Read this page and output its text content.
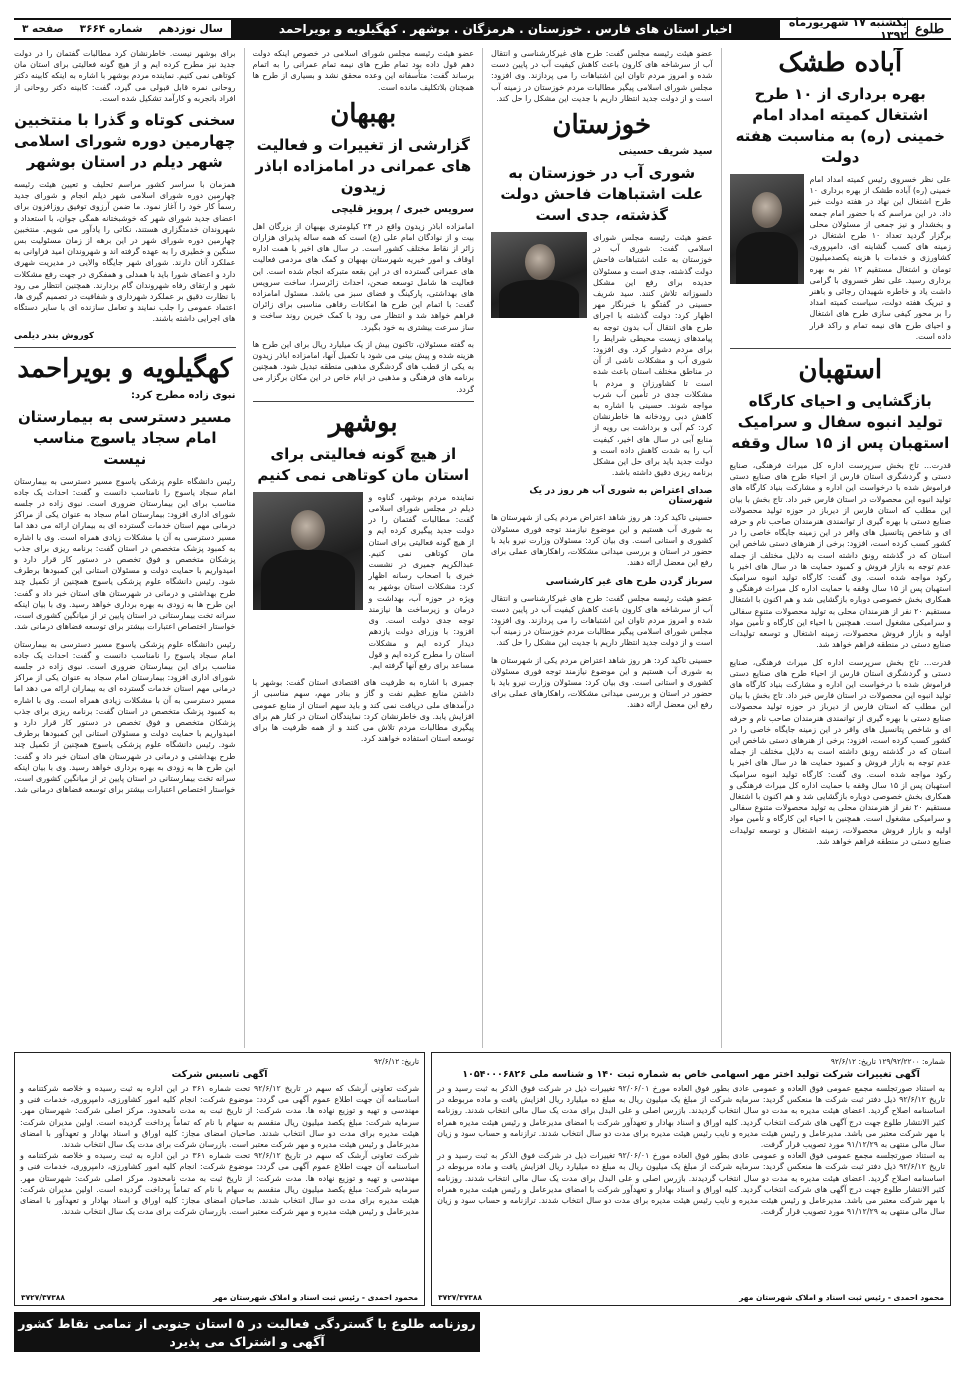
طلوع
یکشنبه ۱۷ شهریورماه ۱۳۹۲
اخبار استان های فارس . خوزستان . هرمزگان . بوشهر . کهگیلویه و بویراحمد
سال نوزدهم
شماره ۳۶۶۴
صفحه ۳
آباده طشک
بهره برداری از ۱۰ طرح اشتغال کمیته امداد امام خمینی (ره) به مناسبت هفته دولت
علی نظر خسروی رئیس کمیته امداد امام خمینی (ره) آباده طشک از بهره برداری ۱۰ طرح اشتغال این نهاد در هفته دولت خبر داد. در این مراسم که با حضور امام جمعه و بخشدار و نیز جمعی از مسئولان محلی برگزار گردید تعداد ۱۰ طرح اشتغال در زمینه های کسب گشاینه ای، دامپروری، کشاورزی و خدمات با هزینه یکصدمیلیون تومان و اشتغال مستقیم ۱۲ نفر به بهره برداری رسید. علی نظر خسروی با گرامی داشت یاد و خاطره شهیدان رجائی و باهنر و تبریک هفته دولت، سیاست کمیته امداد را بر محور کیفی سازی طرح های اشتغال و احیای طرح های نیمه تمام و راکد قرار داده است.
استهبان
بازگشایی و احیای کارگاه تولید انبوه سفال و سرامیک استهبان پس از ۱۵ سال وقفه
قدرت... تاج بخش سرپرست اداره کل میراث فرهنگی، صنایع دستی و گردشگری استان فارس از احیاء طرح های صنایع دستی فراموش شده با درخواست این اداره و مشارکت بنیاد کارگاه های تولید انبوه این محصولات در استان فارس خبر داد. تاج بخش با بیان این مطلب که استان فارس از دیرباز در حوزه تولید محصولات صنایع دستی با بهره گیری از توانمندی هنرمندان صاحب نام و حرفه ای و شاخص پتانسیل های وافر در این زمینه جایگاه خاصی را در کشور کسب کرده است، افزود: برخی از هنرهای دستی شاخص این استان که در گذشته رونق داشته است به دلایل مختلف از جمله عدم توجه به بازار فروش و کمبود حمایت ها در سال های اخیر با رکود مواجه شده است. وی گفت: کارگاه تولید انبوه سرامیک استهبان پس از ۱۵ سال وقفه با حمایت اداره کل میراث فرهنگی و همکاری بخش خصوصی دوباره بازگشایی شد و هم اکنون با اشتغال مستقیم ۲۰ نفر از هنرمندان محلی به تولید محصولات متنوع سفالی و سرامیکی مشغول است. همچنین با احیاء این کارگاه و تأمین مواد اولیه و بازار فروش محصولات، زمینه اشتغال و توسعه تولیدات صنایع دستی در منطقه فراهم خواهد شد.
قدرت... تاج بخش سرپرست اداره کل میراث فرهنگی، صنایع دستی و گردشگری استان فارس از احیاء طرح های صنایع دستی فراموش شده با درخواست این اداره و مشارکت بنیاد کارگاه های تولید انبوه این محصولات در استان فارس خبر داد. تاج بخش با بیان این مطلب که استان فارس از دیرباز در حوزه تولید محصولات صنایع دستی با بهره گیری از توانمندی هنرمندان صاحب نام و حرفه ای و شاخص پتانسیل های وافر در این زمینه جایگاه خاصی را در کشور کسب کرده است، افزود: برخی از هنرهای دستی شاخص این استان که در گذشته رونق داشته است به دلایل مختلف از جمله عدم توجه به بازار فروش و کمبود حمایت ها در سال های اخیر با رکود مواجه شده است. وی گفت: کارگاه تولید انبوه سرامیک استهبان پس از ۱۵ سال وقفه با حمایت اداره کل میراث فرهنگی و همکاری بخش خصوصی دوباره بازگشایی شد و هم اکنون با اشتغال مستقیم ۲۰ نفر از هنرمندان محلی به تولید محصولات متنوع سفالی و سرامیکی مشغول است. همچنین با احیاء این کارگاه و تأمین مواد اولیه و بازار فروش محصولات، زمینه اشتغال و توسعه تولیدات صنایع دستی در منطقه فراهم خواهد شد.
عضو هیئت رئیسه مجلس گفت: طرح های غیرکارشناسی و انتقال آب از سرشاخه های کارون باعث کاهش کیفیت آب در پایین دست شده و امروز مردم تاوان این اشتباهات را می پردازند. وی افزود: مجلس شورای اسلامی پیگیر مطالبات مردم خوزستان در زمینه آب است و از دولت جدید انتظار داریم با جدیت این مشکل را حل کند.
خوزستان
سید شریف حسینی
شوری آب در خوزستان به علت اشتباهات فاحش دولت گذشته، جدی است
عضو هیئت رئیسه مجلس شورای اسلامی گفت: شوری آب در خوزستان به علت اشتباهات فاحش دولت گذشته، جدی است و مسئولان حدیده برای رفع این مشکل دلسوزانه تلاش کنند. سید شریف حسینی در گفتگو با خبرنگار مهر اظهار کرد: دولت گذشته با اجرای طرح های انتقال آب بدون توجه به پیامدهای زیست محیطی شرایط را برای مردم دشوار کرد. وی افزود: شوری آب و مشکلات ناشی از آن در مناطق مختلف استان باعث شده است تا کشاورزان و مردم با مشکلات جدی در تأمین آب شرب مواجه شوند. حسینی با اشاره به کاهش دبی رودخانه ها خاطرنشان کرد: کم آبی و برداشت بی رویه از منابع آبی در سال های اخیر، کیفیت آب را به شدت کاهش داده است و دولت جدید باید برای حل این مشکل برنامه ریزی دقیق داشته باشد.
صدای اعتراض به شوری آب هر روز در یک شهرستان
حسینی تاکید کرد: هر روز شاهد اعتراض مردم یکی از شهرستان ها به شوری آب هستیم و این موضوع نیازمند توجه فوری مسئولان کشوری و استانی است. وی بیان کرد: مسئولان وزارت نیرو باید با حضور در استان و بررسی میدانی مشکلات، راهکارهای عملی برای رفع این معضل ارائه دهند.
سرباز گردن طرح های غیر کارشناسی
عضو هیئت رئیسه مجلس گفت: طرح های غیرکارشناسی و انتقال آب از سرشاخه های کارون باعث کاهش کیفیت آب در پایین دست شده و امروز مردم تاوان این اشتباهات را می پردازند. وی افزود: مجلس شورای اسلامی پیگیر مطالبات مردم خوزستان در زمینه آب است و از دولت جدید انتظار داریم با جدیت این مشکل را حل کند.
حسینی تاکید کرد: هر روز شاهد اعتراض مردم یکی از شهرستان ها به شوری آب هستیم و این موضوع نیازمند توجه فوری مسئولان کشوری و استانی است. وی بیان کرد: مسئولان وزارت نیرو باید با حضور در استان و بررسی میدانی مشکلات، راهکارهای عملی برای رفع این معضل ارائه دهند.
عضو هیئت رئیسه مجلس شورای اسلامی در خصوص اینکه دولت دهم قول داده بود تمام طرح های نیمه تمام عمرانی را به اتمام برساند گفت: متأسفانه این وعده محقق نشد و بسیاری از طرح ها همچنان بلاتکلیف مانده است.
بهبهان
گزارشی از تغییرات و فعالیت های عمرانی در امامزاده اباذر زیدون
سرویس خبری / پرویز قلیچی
امامزاده اباذر زیدون واقع در ۲۴ کیلومتری بهبهان از بزرگان اهل بیت و از نوادگان امام علی (ع) است که همه ساله پذیرای هزاران زائر از نقاط مختلف کشور است. در سال های اخیر با همت اداره اوقاف و امور خیریه شهرستان بهبهان و کمک های مردمی فعالیت های عمرانی گسترده ای در این بقعه متبرکه انجام شده است. این فعالیت ها شامل توسعه صحن، احداث زائرسرا، ساخت سرویس های بهداشتی، پارکینگ و فضای سبز می باشد. مسئول امامزاده گفت: با اتمام این طرح ها امکانات رفاهی مناسبی برای زائران فراهم خواهد شد و انتظار می رود با کمک خیرین روند ساخت و ساز سرعت بیشتری به خود بگیرد.
به گفته مسئولان، تاکنون بیش از یک میلیارد ریال برای این طرح ها هزینه شده و پیش بینی می شود با تکمیل آنها، امامزاده اباذر زیدون به یکی از قطب های گردشگری مذهبی منطقه تبدیل شود. همچنین برنامه های فرهنگی و مذهبی در ایام خاص در این مکان برگزار می گردد.
بوشهر
از هیچ گونه فعالیتی برای استان مان کوتاهی نمی کنیم
نماینده مردم بوشهر، گناوه و دیلم در مجلس شورای اسلامی گفت: مطالبات گفتمان را در دولت جدید پیگیری کرده ایم و از هیچ گونه فعالیتی برای استان مان کوتاهی نمی کنیم. عبدالکریم جمیری در نشست خبری با اصحاب رسانه اظهار کرد: مشکلات استان بوشهر به ویژه در حوزه آب، بهداشت و درمان و زیرساخت ها نیازمند توجه جدی دولت است. وی افزود: با وزرای دولت یازدهم دیدار کرده ایم و مشکلات استان را مطرح کرده ایم و قول مساعد برای رفع آنها گرفته ایم.
جمیری با اشاره به ظرفیت های اقتصادی استان گفت: بوشهر با داشتن منابع عظیم نفت و گاز و بنادر مهم، سهم مناسبی از درآمدهای ملی دریافت نمی کند و باید سهم استان از منابع عمومی افزایش یابد. وی خاطرنشان کرد: نمایندگان استان در کنار هم برای پیگیری مطالبات مردم تلاش می کنند و از همه ظرفیت ها برای توسعه استان استفاده خواهند کرد.
برای بوشهر نیست. خاطرنشان کرد مطالبات گفتمان را در دولت جدید نیز مطرح کرده ایم و از هیچ گونه فعالیتی برای استان مان کوتاهی نمی کنیم. نماینده مردم بوشهر با اشاره به اینکه کابینه دکتر روحانی نمره قابل قبولی می گیرد، گفت: کابینه دکتر روحانی از افراد باتجربه و کارآمد تشکیل شده است.
سخنی کوتاه و گذرا با منتخبین چهارمین دوره شورای اسلامی شهر دیلم در استان بوشهر
همزمان با سراسر کشور مراسم تحلیف و تعیین هیئت رئیسه چهارمین دوره شورای اسلامی شهر دیلم انجام و شورای جدید رسماً کار خود را آغاز نمود. ما ضمن آرزوی توفیق روزافزون برای اعضای جدید شورای شهر که خوشبختانه همگی جوان، با استعداد و شهروندان خدمتگزاری هستند، نکاتی را یادآور می شویم. منتخبین چهارمین دوره شورای شهر در این برهه از زمان مسئولیت بس سنگین و خطیری را به عهده گرفته اند و شهروندان امید فراوانی به عملکرد آنان دارند. شورای شهر جایگاه والایی در مدیریت شهری دارد و اعضای شورا باید با همدلی و همفکری در جهت رفع مشکلات شهر و ارتقای رفاه شهروندان گام بردارند. همچنین انتظار می رود با نظارت دقیق بر عملکرد شهرداری و شفافیت در تصمیم گیری ها، اعتماد عمومی را جلب نمایند و تعامل سازنده ای با سایر دستگاه های اجرایی داشته باشند.
کوروش بندر دیلمی
کهگیلویه و بویراحمد
نبوی زاده مطرح کرد:
مسیر دسترسی به بیمارستان امام سجاد یاسوج مناسب نیست
رئیس دانشگاه علوم پزشکی یاسوج مسیر دسترسی به بیمارستان امام سجاد یاسوج را نامناسب دانست و گفت: احداث یک جاده مناسب برای این بیمارستان ضروری است. نبوی زاده در جلسه شورای اداری افزود: بیمارستان امام سجاد به عنوان یکی از مراکز درمانی مهم استان خدمات گسترده ای به بیماران ارائه می دهد اما مسیر دسترسی به آن با مشکلات زیادی همراه است. وی با اشاره به کمبود پزشک متخصص در استان گفت: برنامه ریزی برای جذب پزشکان متخصص و فوق تخصص در دستور کار قرار دارد و امیدواریم با حمایت دولت و مسئولان استانی این کمبودها برطرف شود. رئیس دانشگاه علوم پزشکی یاسوج همچنین از تکمیل چند طرح بهداشتی و درمانی در شهرستان های استان خبر داد و گفت: این طرح ها به زودی به بهره برداری خواهد رسید. وی با بیان اینکه سرانه تخت بیمارستانی در استان پایین تر از میانگین کشوری است، خواستار اختصاص اعتبارات بیشتر برای توسعه فضاهای درمانی شد.
رئیس دانشگاه علوم پزشکی یاسوج مسیر دسترسی به بیمارستان امام سجاد یاسوج را نامناسب دانست و گفت: احداث یک جاده مناسب برای این بیمارستان ضروری است. نبوی زاده در جلسه شورای اداری افزود: بیمارستان امام سجاد به عنوان یکی از مراکز درمانی مهم استان خدمات گسترده ای به بیماران ارائه می دهد اما مسیر دسترسی به آن با مشکلات زیادی همراه است. وی با اشاره به کمبود پزشک متخصص در استان گفت: برنامه ریزی برای جذب پزشکان متخصص و فوق تخصص در دستور کار قرار دارد و امیدواریم با حمایت دولت و مسئولان استانی این کمبودها برطرف شود. رئیس دانشگاه علوم پزشکی یاسوج همچنین از تکمیل چند طرح بهداشتی و درمانی در شهرستان های استان خبر داد و گفت: این طرح ها به زودی به بهره برداری خواهد رسید. وی با بیان اینکه سرانه تخت بیمارستانی در استان پایین تر از میانگین کشوری است، خواستار اختصاص اعتبارات بیشتر برای توسعه فضاهای درمانی شد.
شماره: ۱۲۹/۹۲/۲۲۰۰ تاریخ: ۹۲/۶/۱۲
آگهی تغییرات شرکت تولید اختر مهر اسهامی خاص به شماره ثبت ۱۴۰ و شناسه ملی ۱۰۵۴۰۰۰۶۸۲۶
به استناد صورتجلسه مجمع عمومی فوق العاده و عمومی عادی بطور فوق العاده مورخ ۹۲/۰۶/۰۱ تغییرات ذیل در شرکت فوق الذکر به ثبت رسید و در تاریخ ۹۲/۶/۱۲ ذیل دفتر ثبت شرکت ها منعکس گردید: سرمایه شرکت از مبلغ یک میلیون ریال به مبلغ ده میلیارد ریال افزایش یافت و ماده مربوطه در اساسنامه اصلاح گردید. اعضای هیئت مدیره به مدت دو سال انتخاب گردیدند. بازرس اصلی و علی البدل برای مدت یک سال مالی انتخاب شدند. روزنامه کثیر الانتشار طلوع جهت درج آگهی های شرکت انتخاب گردید. کلیه اوراق و اسناد بهادار و تعهدآور شرکت با امضای مدیرعامل و رئیس هیئت مدیره همراه با مهر شرکت معتبر می باشد. مدیرعامل و رئیس هیئت مدیره و نایب رئیس هیئت مدیره برای مدت دو سال انتخاب شدند. ترازنامه و حساب سود و زیان سال مالی منتهی به ۹۱/۱۲/۲۹ مورد تصویب قرار گرفت.
به استناد صورتجلسه مجمع عمومی فوق العاده و عمومی عادی بطور فوق العاده مورخ ۹۲/۰۶/۰۱ تغییرات ذیل در شرکت فوق الذکر به ثبت رسید و در تاریخ ۹۲/۶/۱۲ ذیل دفتر ثبت شرکت ها منعکس گردید: سرمایه شرکت از مبلغ یک میلیون ریال به مبلغ ده میلیارد ریال افزایش یافت و ماده مربوطه در اساسنامه اصلاح گردید. اعضای هیئت مدیره به مدت دو سال انتخاب گردیدند. بازرس اصلی و علی البدل برای مدت یک سال مالی انتخاب شدند. روزنامه کثیر الانتشار طلوع جهت درج آگهی های شرکت انتخاب گردید. کلیه اوراق و اسناد بهادار و تعهدآور شرکت با امضای مدیرعامل و رئیس هیئت مدیره همراه با مهر شرکت معتبر می باشد. مدیرعامل و رئیس هیئت مدیره و نایب رئیس هیئت مدیره برای مدت دو سال انتخاب شدند. ترازنامه و حساب سود و زیان سال مالی منتهی به ۹۱/۱۲/۲۹ مورد تصویب قرار گرفت.
محمود احمدی - رئیس ثبت اسناد و املاک شهرستان مهر
۳۷۲۷/۳۷۳۸۸
تاریخ: ۹۲/۶/۱۲
آگهی تاسیس شرکت
شرکت تعاونی آرشک که سهم در تاریخ ۹۲/۶/۱۲ تحت شماره ۳۶۱ در این اداره به ثبت رسیده و خلاصه شرکتنامه و اساسنامه آن جهت اطلاع عموم آگهی می گردد: موضوع شرکت: انجام کلیه امور کشاورزی، دامپروری، خدمات فنی و مهندسی و تهیه و توزیع نهاده ها. مدت شرکت: از تاریخ ثبت به مدت نامحدود. مرکز اصلی شرکت: شهرستان مهر. سرمایه شرکت: مبلغ یکصد میلیون ریال منقسم به سهام با نام که تماماً پرداخت گردیده است. اولین مدیران شرکت: هیئت مدیره برای مدت دو سال انتخاب شدند. صاحبان امضای مجاز: کلیه اوراق و اسناد بهادار و تعهدآور با امضای مدیرعامل و رئیس هیئت مدیره و مهر شرکت معتبر است. بازرسان شرکت برای مدت یک سال انتخاب شدند.
شرکت تعاونی آرشک که سهم در تاریخ ۹۲/۶/۱۲ تحت شماره ۳۶۱ در این اداره به ثبت رسیده و خلاصه شرکتنامه و اساسنامه آن جهت اطلاع عموم آگهی می گردد: موضوع شرکت: انجام کلیه امور کشاورزی، دامپروری، خدمات فنی و مهندسی و تهیه و توزیع نهاده ها. مدت شرکت: از تاریخ ثبت به مدت نامحدود. مرکز اصلی شرکت: شهرستان مهر. سرمایه شرکت: مبلغ یکصد میلیون ریال منقسم به سهام با نام که تماماً پرداخت گردیده است. اولین مدیران شرکت: هیئت مدیره برای مدت دو سال انتخاب شدند. صاحبان امضای مجاز: کلیه اوراق و اسناد بهادار و تعهدآور با امضای مدیرعامل و رئیس هیئت مدیره و مهر شرکت معتبر است. بازرسان شرکت برای مدت یک سال انتخاب شدند.
محمود احمدی - رئیس ثبت اسناد و املاک شهرستان مهر
۳۷۲۷/۳۷۳۸۸
روزنامه طلوع با گستردگی فعالیت در ۵ استان جنوبی از تمامی نقاط کشور
آگهی و اشتراک می پذیرد
